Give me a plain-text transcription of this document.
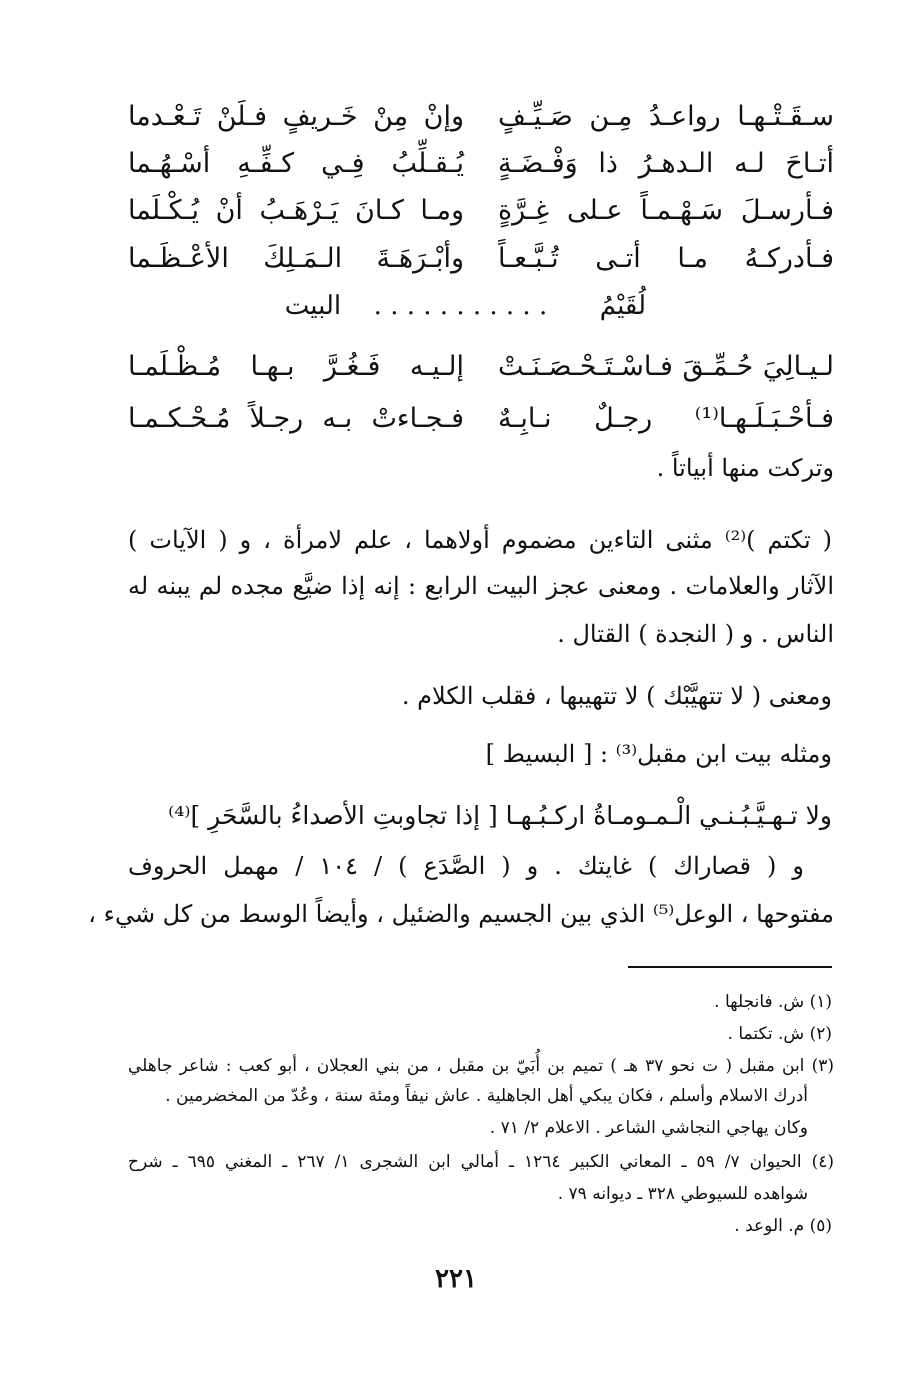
سـقَـتْـهـا رواعـدُ مِـن صَـيِّـفٍ
وإنْ مِنْ خَـريفٍ فـلَنْ تَـعْـدما
أتـاحَ لـه الـدهـرُ ذا وَفْـضَـةٍ
يُـقـلِّبُ فِـي كـفِّـهِ أسْـهُـما
فـأرسـلَ سَـهْـمـاً عـلى غِـرَّةٍ
ومـا كـانَ يَـرْهَـبُ أنْ يُـكْـلَما
فـأدركـهُ مـا أتـى تُـبَّـعـاً
وأبْـرَهَـةَ الـمَـلِكَ الأعْـظَـما
لُقَيْمُ  . . . . . . . . . . .  البيت
لـيـالِيَ حُـمِّـقَ فـاسْـتَـحْـصَـنَـتْ
إلـيـه فَـغُـرَّ بـهـا مُـظْـلَمـا
فـأحْـبَـلَـهـا⁽¹⁾ رجـلٌ نـابِـهٌ
فـجـاءتْ بـه رجـلاً مُـحْـكـمـا
وتركت منها أبياتاً .
( تكتم )⁽²⁾ مثنى التاءين مضموم أولاهما ، علم لامرأة ، و ( الآيات )
الآثار والعلامات . ومعنى عجز البيت الرابع : إنه إذا ضيَّع مجده لم يبنه له
الناس . و ( النجدة ) القتال .
ومعنى ( لا تتهيَّبْك ) لا تتهيبها ، فقلب الكلام .
ومثله بيت ابن مقبل⁽³⁾ : [ البسيط ]
ولا تـهـيَّـبُـنـي الْـمـومـاةُ اركـبُـهـا [ إذا تجاوبتِ الأصداءُ بالسَّحَرِ ]⁽⁴⁾
و ( قصاراك ) غايتك . و ( الصَّدَع ) / ١٠٤ / مهمل الحروف
مفتوحها ، الوعل⁽⁵⁾ الذي بين الجسيم والضئيل ، وأيضاً الوسط من كل شيء ،
(١) ش. فانجلها .
(٢) ش. تكتما .
(٣) ابن مقبل ( ت نحو ٣٧ هـ ) تميم بن أُبَيّ بن مقبل ، من بني العجلان ، أبو كعب : شاعر جاهلي
أدرك الاسلام وأسلم ، فكان يبكي أهل الجاهلية . عاش نيفاً ومئة سنة ، وعُدّ من المخضرمين .
وكان يهاجي النجاشي الشاعر . الاعلام ٢/ ٧١ .
(٤) الحيوان ٧/ ٥٩ ـ المعاني الكبير ١٢٦٤ ـ أمالي ابن الشجرى ١/ ٢٦٧ ـ المغني ٦٩٥ ـ شرح
شواهده للسيوطي ٣٢٨ ـ ديوانه ٧٩ .
(٥) م. الوعد .
٢٢١
